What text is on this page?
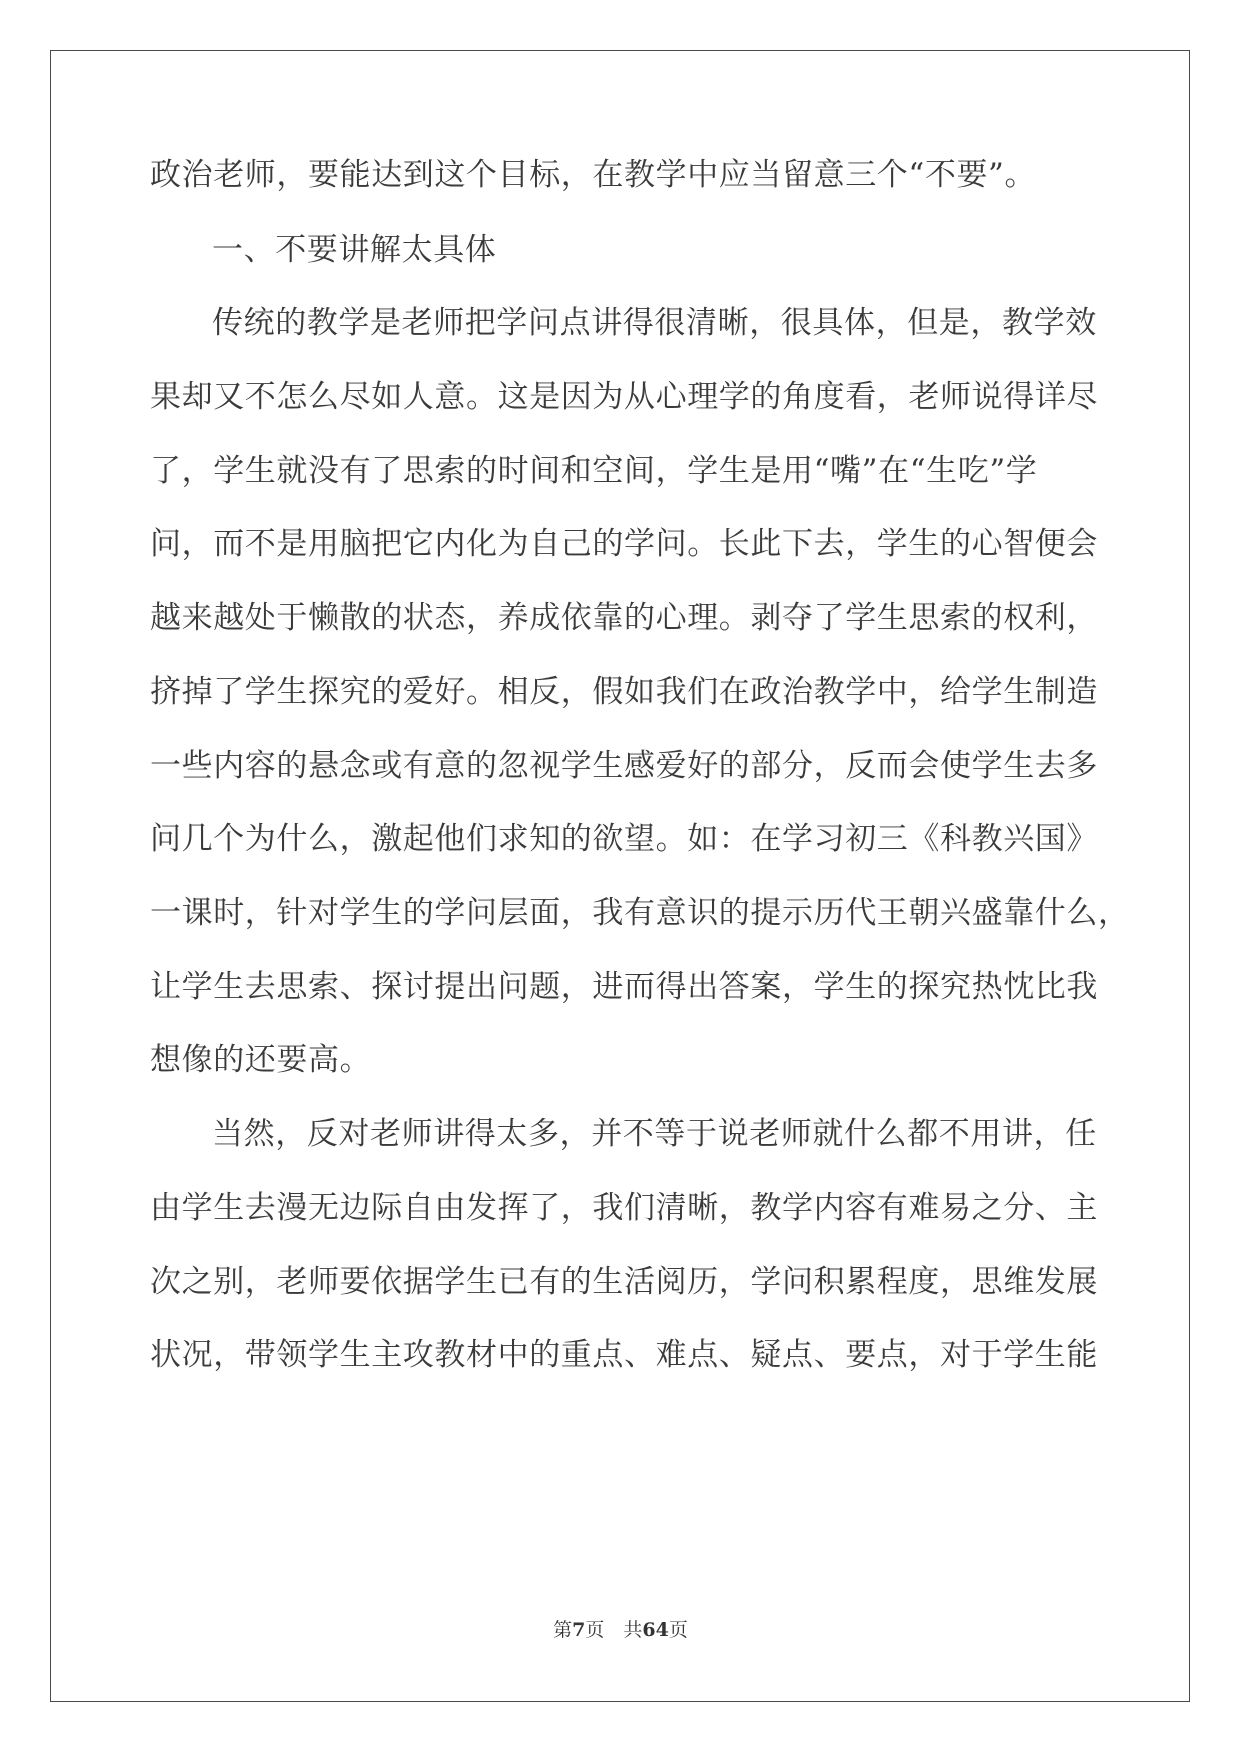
政治老师，要能达到这个目标，在教学中应当留意三个“不要”。
一、不要讲解太具体
传统的教学是老师把学问点讲得很清晰，很具体，但是，教学效
果却又不怎么尽如人意。这是因为从心理学的角度看，老师说得详尽
了，学生就没有了思索的时间和空间，学生是用“嘴”在“生吃”学
问，而不是用脑把它内化为自己的学问。长此下去，学生的心智便会
越来越处于懒散的状态，养成依靠的心理。剥夺了学生思索的权利，
挤掉了学生探究的爱好。相反，假如我们在政治教学中，给学生制造
一些内容的悬念或有意的忽视学生感爱好的部分，反而会使学生去多
问几个为什么，激起他们求知的欲望。如：在学习初三《科教兴国》
一课时，针对学生的学问层面，我有意识的提示历代王朝兴盛靠什么，
让学生去思索、探讨提出问题，进而得出答案，学生的探究热忱比我
想像的还要高。
当然，反对老师讲得太多，并不等于说老师就什么都不用讲，任
由学生去漫无边际自由发挥了，我们清晰，教学内容有难易之分、主
次之别，老师要依据学生已有的生活阅历，学问积累程度，思维发展
状况，带领学生主攻教材中的重点、难点、疑点、要点，对于学生能
第7页　共64页
